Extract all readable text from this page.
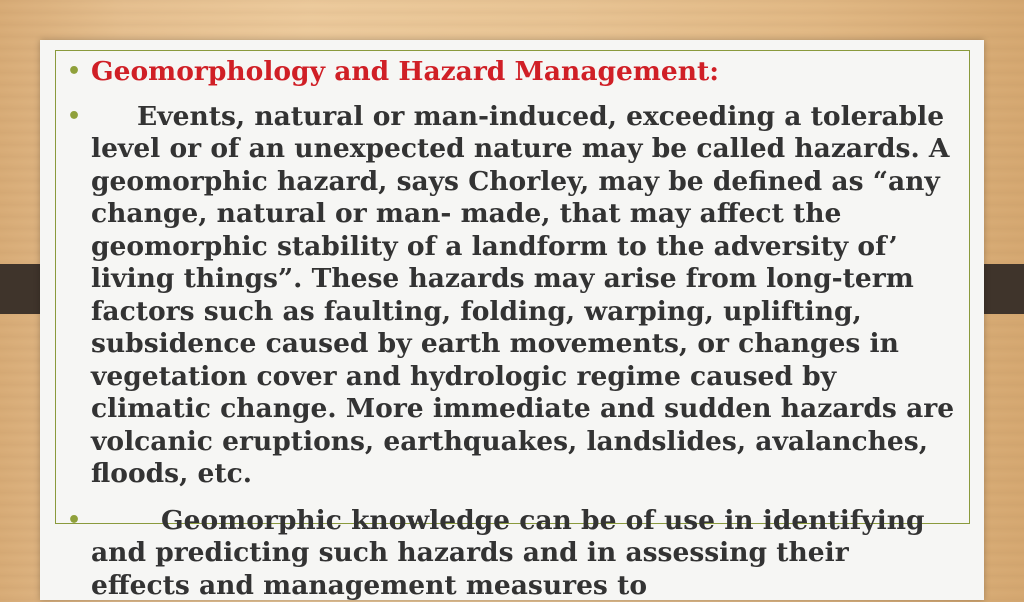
• Geomorphology and Hazard Management:
•	Events, natural or man-induced, exceeding a tolerable
level or of an unexpected nature may be called hazards. A geomorphic hazard, says Chorley, may be defined as “any change, natural or man- made, that may affect the geomorphic stability of a landform to the adversity of’ living things”. These hazards may arise from long-term factors such as faulting, folding, warping, uplifting, subsidence caused by earth movements, or changes in vegetation cover and hydrologic regime caused by climatic change. More immediate and sudden hazards are volcanic eruptions, earthquakes, landslides, avalanches, floods, etc.
•	Geomorphic knowledge can be of use in identifying
and predicting such hazards and in assessing their effects and management measures to
